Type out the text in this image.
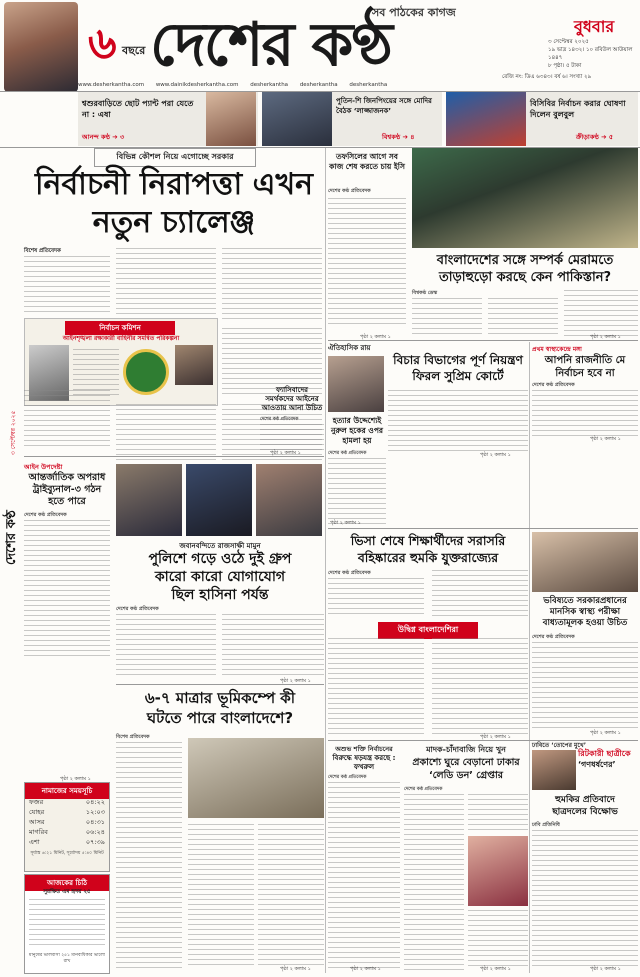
৬ বছরে
সব পাঠকের কাগজ
দেশের কণ্ঠ	বুধবার
৩ সেপ্টেম্বর ২০২৫
১৯ ভাদ্র ১৪৩২। ১০ রবিউল আউয়াল ১৪৪৭
৮ পৃষ্ঠা। ৫ টাকা
রেজি নং: ডিএ ৬৩৪৩। বর্ষ ৬। সংখ্যা ২৯
www.desherkantha.com www.dainikdesherkantha.com desherkantha desherkantha desherkantha
শ্বশুরবাড়িতে ছোট প্যান্ট পরা যেতে না : এষা
আনন্দ কণ্ঠ ➔ ৩
পুতিন-শি জিনপিংয়ের সঙ্গে মোদির বৈঠক ‘লাজ্জাজনক’
বিশ্বকণ্ঠ ➔ ৪
বিসিবির নির্বাচন করার ঘোষণা দিলেন বুলবুল
ক্রীড়াকণ্ঠ ➔ ৫
বিভিন্ন কৌশল নিয়ে এগোচ্ছে সরকার
নির্বাচনী নিরাপত্তা এখন
নতুন চ্যালেঞ্জ
বিশেষ প্রতিবেদক
নির্বাচন কমিশন
আইনশৃঙ্খলা রক্ষাকারী বাহিনীর সমন্বিত পরিকল্পনা
দেশের কণ্ঠ
৩ সেপ্টেম্বর ২০২৫
তফসিলের আগে সব কাজ শেষ করতে চায় ইসি
দেশের কণ্ঠ প্রতিবেদক
বাংলাদেশের সঙ্গে সম্পর্ক মেরামতে
তাড়াহুড়ো করছে কেন পাকিস্তান?
বিশ্বকণ্ঠ ডেস্ক
ঐতিহাসিক রায়
বিচার বিভাগের পূর্ণ নিয়ন্ত্রণ
ফিরল সুপ্রিম কোর্টে
হত্যার উদ্দেশ্যেই
নুরুল হকের ওপর
হামলা হয়
দেশের কণ্ঠ প্রতিবেদক
প্রথম স্বাস্থ্যকেন্দ্রে মঙ্গা
আপনি রাজনীতি মে
নির্বাচন হবে না
দেশের কণ্ঠ প্রতিবেদক
আইন উপদেষ্টা
আন্তর্জাতিক অপরাধ
ট্রাইব্যুনাল-৩ গঠন
হতে পারে
দেশের কণ্ঠ প্রতিবেদক
জবানবন্দিতে রাজসাক্ষী মামুন
পুলিশে গড়ে ওঠে দুই গ্রুপ
কারো কারো যোগাযোগ
ছিল হাসিনা পর্যন্ত
দেশের কণ্ঠ প্রতিবেদক
ভিসা শেষে শিক্ষার্থীদের সরাসরি
বহিষ্কারের হুমকি যুক্তরাজ্যের
দেশের কণ্ঠ প্রতিবেদক
উদ্বিগ্ন বাংলাদেশিরা
ভবিষ্যতে সরকারপ্রধানের
মানসিক স্বাস্থ্য পরীক্ষা
বাধ্যতামূলক হওয়া উচিত
দেশের কণ্ঠ প্রতিবেদক
নামাজের সময়সূচি
ফজর	০৪:২২
যোহর	১২:০৩
আসর	০৪:৩১
মাগরিব	০৬:২৪
এশা	০৭:৩৯
সূর্যাস্ত ৬:২১ মিনিট, সূর্যোদয় ৫:৪০ মিনিট
আজকের চিঠি
সুরক্ষিত এম হৃদয় ২৫
মানুষের ভালবাসা ২৫১ মানবাধিকার ভালো রাখ
৬-৭ মাত্রার ভূমিকম্পে কী
ঘটতে পারে বাংলাদেশে?
বিশেষ প্রতিবেদক
অশুভ শক্তি নির্বাচনের
বিরুদ্ধে ষড়যন্ত্র করছে : ফখরুল
দেশের কণ্ঠ প্রতিবেদক
মাদক-চাঁদাবাজি নিয়ে খুন
প্রকাশ্যে ঘুরে বেড়ানো ঢাকার
‘লেডি ডন’ গ্রেপ্তার
দেশের কণ্ঠ প্রতিবেদক
ঢাবিতে ‘তোপের মুখে’
রিটকারী ছাত্রীকে
‘গণধর্ষণের’
হুমকির প্রতিবাদে
ছাত্রদলের বিক্ষোভ
ঢাবি প্রতিনিধি
ফ্যাসিবাদের
সমর্থকদের আইনের
আওতায় আনা উচিত
দেশের কণ্ঠ প্রতিবেদক
পৃষ্ঠা ২ কলাম ১
পৃষ্ঠা ২ কলাম ১
পৃষ্ঠা ২ কলাম ১
পৃষ্ঠা ২ কলাম ১
পৃষ্ঠা ২ কলাম ১
পৃষ্ঠা ২ কলাম ১
পৃষ্ঠা ২ কলাম ১
পৃষ্ঠা ২ কলাম ১
পৃষ্ঠা ২ কলাম ১
পৃষ্ঠা ২ কলাম ১	পৃষ্ঠা ২ কলাম ১	পৃষ্ঠা ২ কলাম ১	পৃষ্ঠা ২ কলাম ১
পৃষ্ঠা ২ কলাম ১
